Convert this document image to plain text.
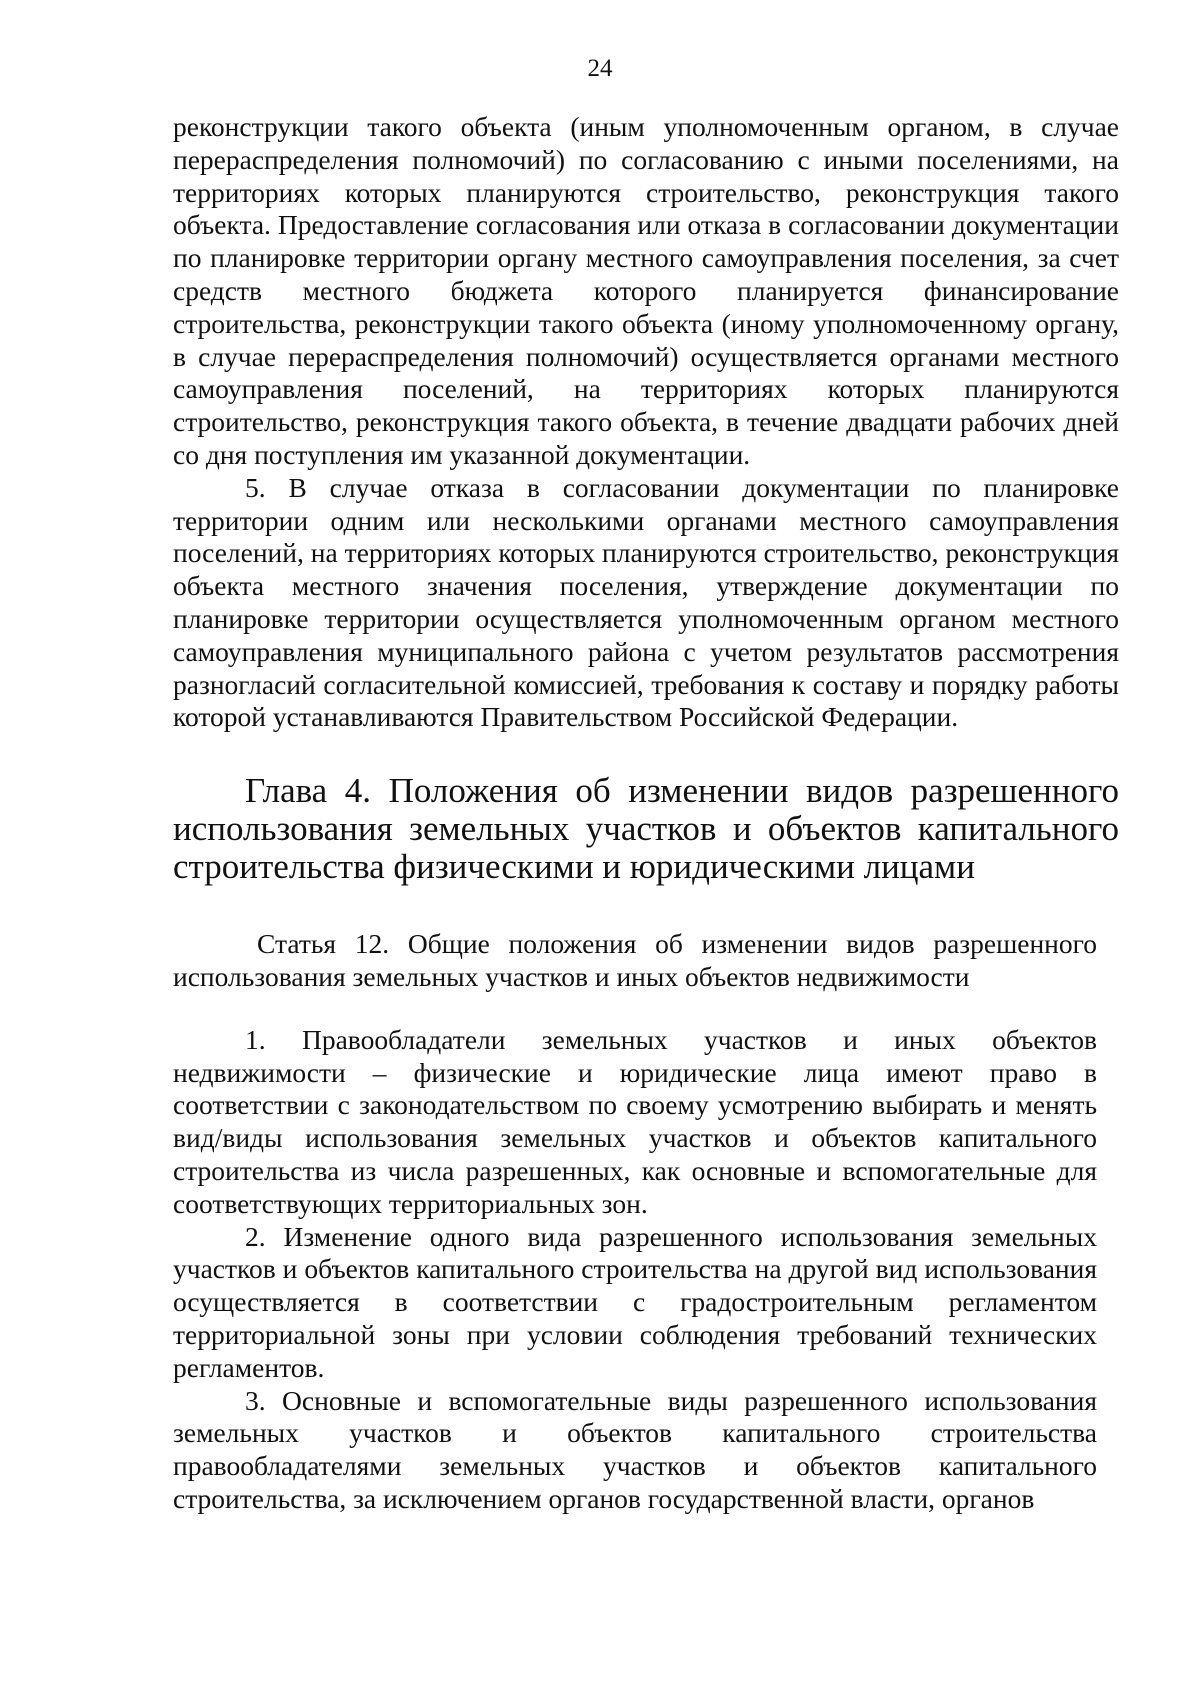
24

реконструкции такого объекта (иным уполномоченным органом, в случае перераспределения полномочий) по согласованию с иными поселениями, на территориях которых планируются строительство, реконструкция такого объекта. Предоставление согласования или отказа в согласовании документации по планировке территории органу местного самоуправления поселения, за счет средств местного бюджета которого планируется финансирование строительства, реконструкции такого объекта (иному уполномоченному органу, в случае перераспределения полномочий) осуществляется органами местного самоуправления поселений, на территориях которых планируются строительство, реконструкция такого объекта, в течение двадцати рабочих дней со дня поступления им указанной документации.

5. В случае отказа в согласовании документации по планировке территории одним или несколькими органами местного самоуправления поселений, на территориях которых планируются строительство, реконструкция объекта местного значения поселения, утверждение документации по планировке территории осуществляется уполномоченным органом местного самоуправления муниципального района с учетом результатов рассмотрения разногласий согласительной комиссией, требования к составу и порядку работы которой устанавливаются Правительством Российской Федерации.

Глава 4. Положения об изменении видов разрешенного использования земельных участков и объектов капитального строительства физическими и юридическими лицами
Статья 12. Общие положения об изменении видов разрешенного использования земельных участков и иных объектов недвижимости

1. Правообладатели земельных участков и иных объектов недвижимости – физические и юридические лица имеют право в соответствии с законодательством по своему усмотрению выбирать и менять вид/виды использования земельных участков и объектов капитального строительства из числа разрешенных, как основные и вспомогательные для соответствующих территориальных зон.

2. Изменение одного вида разрешенного использования земельных участков и объектов капитального строительства на другой вид использования осуществляется в соответствии с градостроительным регламентом территориальной зоны при условии соблюдения требований технических регламентов.

3. Основные и вспомогательные виды разрешенного использования земельных участков и объектов капитального строительства правообладателями земельных участков и объектов капитального строительства, за исключением органов государственной власти, органов
